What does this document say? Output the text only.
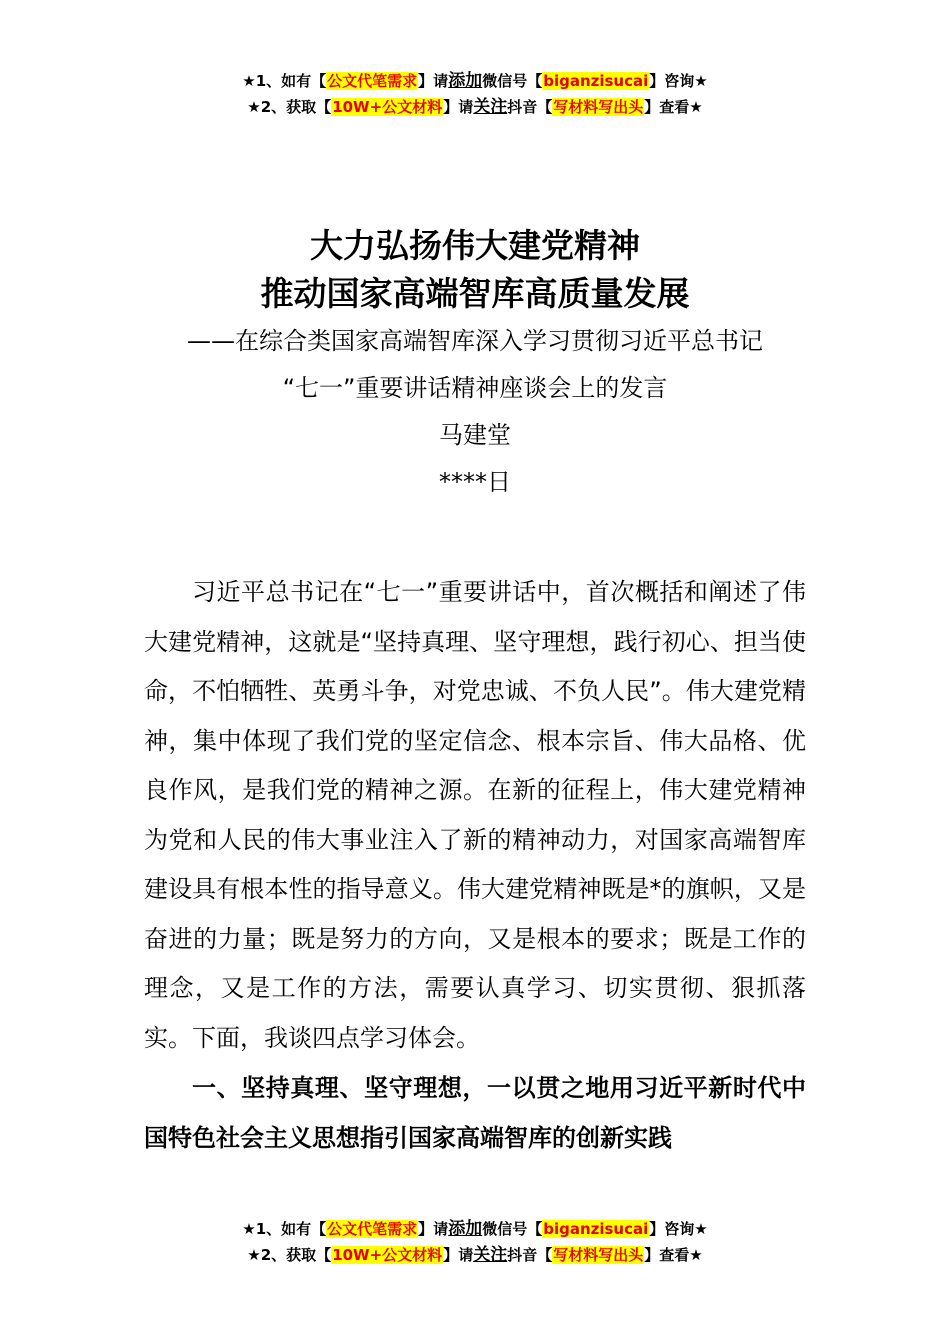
★1、如有【公文代笔需求】请添加微信号【biganzisucai】咨询★
★2、获取【10W+公文材料】请关注抖音【写材料写出头】查看★

大力弘扬伟大建党精神

推动国家高端智库高质量发展

——在综合类国家高端智库深入学习贯彻习近平总书记

“七一”重要讲话精神座谈会上的发言

马建堂

****日

习近平总书记在“七一”重要讲话中，首次概括和阐述了伟大建党精神，这就是“坚持真理、坚守理想，践行初心、担当使命，不怕牺牲、英勇斗争，对党忠诚、不负人民”。伟大建党精神，集中体现了我们党的坚定信念、根本宗旨、伟大品格、优良作风，是我们党的精神之源。在新的征程上，伟大建党精神为党和人民的伟大事业注入了新的精神动力，对国家高端智库建设具有根本性的指导意义。伟大建党精神既是*的旗帜，又是奋进的力量；既是努力的方向，又是根本的要求；既是工作的理念，又是工作的方法，需要认真学习、切实贯彻、狠抓落实。下面，我谈四点学习体会。

一、坚持真理、坚守理想，一以贯之地用习近平新时代中国特色社会主义思想指引国家高端智库的创新实践

★1、如有【公文代笔需求】请添加微信号【biganzisucai】咨询★
★2、获取【10W+公文材料】请关注抖音【写材料写出头】查看★
